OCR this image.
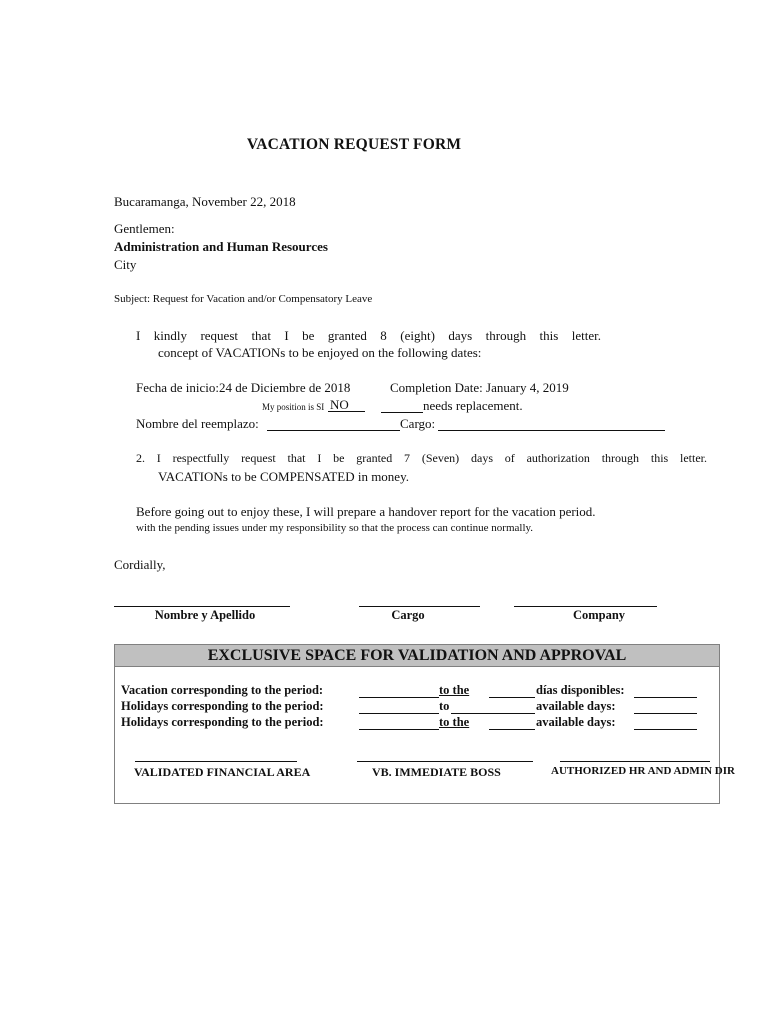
VACATION REQUEST FORM
Bucaramanga, November 22, 2018
Gentlemen:
Administration and Human Resources
City
Subject: Request for Vacation and/or Compensatory Leave
I kindly request that I be granted 8 (eight) days through this letter.
concept of VACATIONs to be enjoyed on the following dates:
Fecha de inicio:24 de Diciembre de 2018	Completion Date: January 4, 2019
My position is SI NO	needs replacement.
Nombre del reemplazo:	Cargo:
2. I respectfully request that I be granted 7 (Seven) days of authorization through this letter.
VACATIONs to be COMPENSATED in money.
Before going out to enjoy these, I will prepare a handover report for the vacation period.
with the pending issues under my responsibility so that the process can continue normally.
Cordially,
Nombre y Apellido	Cargo	Company
EXCLUSIVE SPACE FOR VALIDATION AND APPROVAL
Vacation corresponding to the period:	to the	días disponibles:
Holidays corresponding to the period:	to	available days:
Holidays corresponding to the period:	to the	available days:
VALIDATED FINANCIAL AREA	VB. IMMEDIATE BOSS	AUTHORIZED HR AND ADMIN DIR
